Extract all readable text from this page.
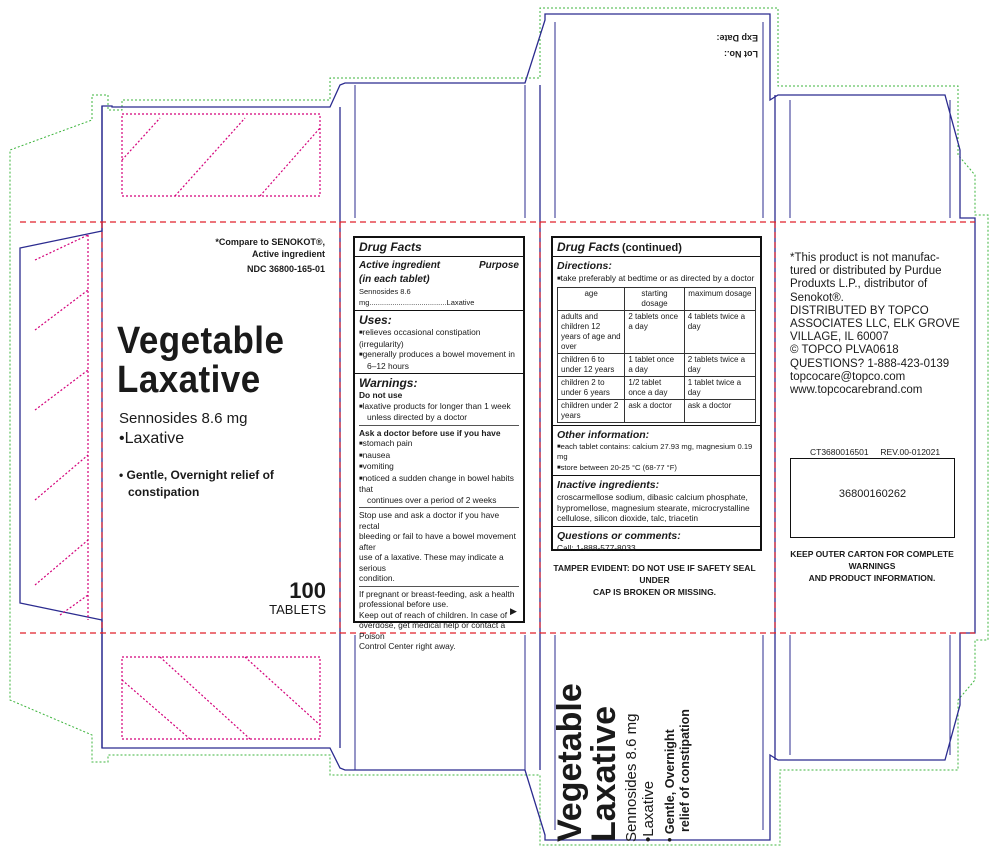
*Compare to SENOKOT®,
Active ingredient
NDC 36800-165-01
Vegetable
Laxative
Sennosides 8.6 mg
•Laxative
• Gentle, Overnight relief of
constipation
100
TABLETS
Drug Facts
Active ingredient	Purpose
(in each tablet)
Sennosides 8.6 mg.....................................Laxative
Uses:
■ relieves occasional constipation (irregularity)
■ generally produces a bowel movement in
6–12 hours
Warnings:
Do not use
■ laxative products for longer than 1 week
unless directed by a doctor
Ask a doctor before use if you have
■ stomach pain
■ nausea
■ vomiting
■ noticed a sudden change in bowel habits that
continues over a period of 2 weeks
Stop use and ask a doctor if you have rectal
bleeding or fail to have a bowel movement after
use of a laxative. These may indicate a serious
condition.
If pregnant or breast-feeding, ask a health
professional before use.
Keep out of reach of children. In case of
overdose, get medical help or contact a Poison
Control Center right away.
▶
Drug Facts (continued)
Directions:
■ take preferably at bedtime or as directed by a doctor
age	starting dosage	maximum dosage
adults and children 12 years of age and over	2 tablets once a day	4 tablets twice a day
children 6 to under 12 years	1 tablet once a day	2 tablets twice a day
children 2 to under 6 years	1/2 tablet once a day	1 tablet twice a day
children under 2 years	ask a doctor	ask a doctor
Other information:
■ each tablet contains: calcium 27.93 mg, magnesium 0.19 mg
■ store between 20-25 °C (68-77 °F)
Inactive ingredients:
croscarmellose sodium, dibasic calcium phosphate,
hypromellose, magnesium stearate, microcrystalline
cellulose, silicon dioxide, talc, triacetin
Questions or comments:
Call: 1-888-577-8033
TAMPER EVIDENT: DO NOT USE IF SAFETY SEAL UNDER
CAP IS BROKEN OR MISSING.
*This product is not manufac-
tured or distributed by Purdue
Produxts L.P., distributor of
Senokot®.
DISTRIBUTED BY TOPCO
ASSOCIATES LLC, ELK GROVE
VILLAGE, IL 60007
© TOPCO PLVA0618
QUESTIONS? 1-888-423-0139
topcocare@topco.com
www.topcocarebrand.com
CT3680016501     REV.00-012021
36800160262
KEEP OUTER CARTON FOR COMPLETE WARNINGS
AND PRODUCT INFORMATION.
Lot No.:
Exp Date:
Vegetable
Laxative Sennosides 8.6 mg •Laxative • Gentle, Overnight relief of constipation
